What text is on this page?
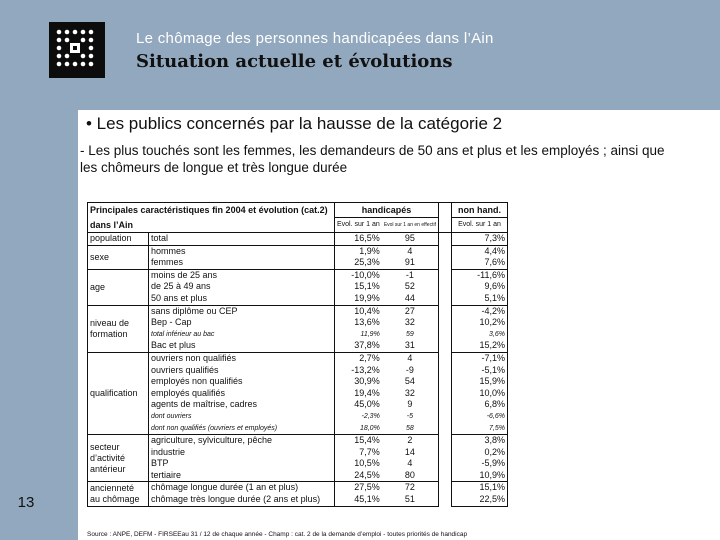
Le chômage des personnes handicapées dans l’Ain
Situation actuelle et évolutions
• Les publics concernés par la hausse de la catégorie 2
- Les plus touchés sont les femmes, les demandeurs de 50 ans et plus et les employés ; ainsi que les chômeurs de longue et très longue durée
13
Principales caractéristiques fin 2004 et évolution (cat.2)		handicapés			non hand.
dans l’Ain		Evol. sur 1 an	Evol sur 1 an en effectif		Evol. sur 1 an
population	total	16,5%	95		7,3%
sexe	hommes	1,9%	4		4,4%
	femmes	25,3%	91		7,6%
age	moins de 25 ans	-10,0%	-1		-11,6%
	de 25 à 49 ans	15,1%	52		9,6%
	50 ans et plus	19,9%	44		5,1%
niveau de formation	sans diplôme ou CEP	10,4%	27		-4,2%
	Bep - Cap	13,6%	32		10,2%
	total inférieur au bac	11,9%	59		3,6%
	Bac et plus	37,8%	31		15,2%
qualification	ouvriers non qualifiés	2,7%	4		-7,1%
	ouvriers qualifiés	-13,2%	-9		-5,1%
	employés non qualifiés	30,9%	54		15,9%
	employés qualifiés	19,4%	32		10,0%
	agents de maîtrise, cadres	45,0%	9		6,8%
	dont ouvriers	-2,3%	-5		-6,6%
	dont non qualifiés (ouvriers et employés)	18,0%	58		7,5%
secteur d’activité antérieur	agriculture, sylviculture, pêche	15,4%	2		3,8%
	industrie	7,7%	14		0,2%
	BTP	10,5%	4		-5,9%
	tertiaire	24,5%	80		10,9%
ancienneté au chômage	chômage longue durée (1 an et plus)	27,5%	72		15,1%
	chômage très longue durée (2 ans et plus)	45,1%	51		22,5%
Source : ANPE, DEFM - FIRSEEau 31 / 12 de chaque année - Champ : cat. 2 de la demande d’emploi - toutes priorités de handicap
